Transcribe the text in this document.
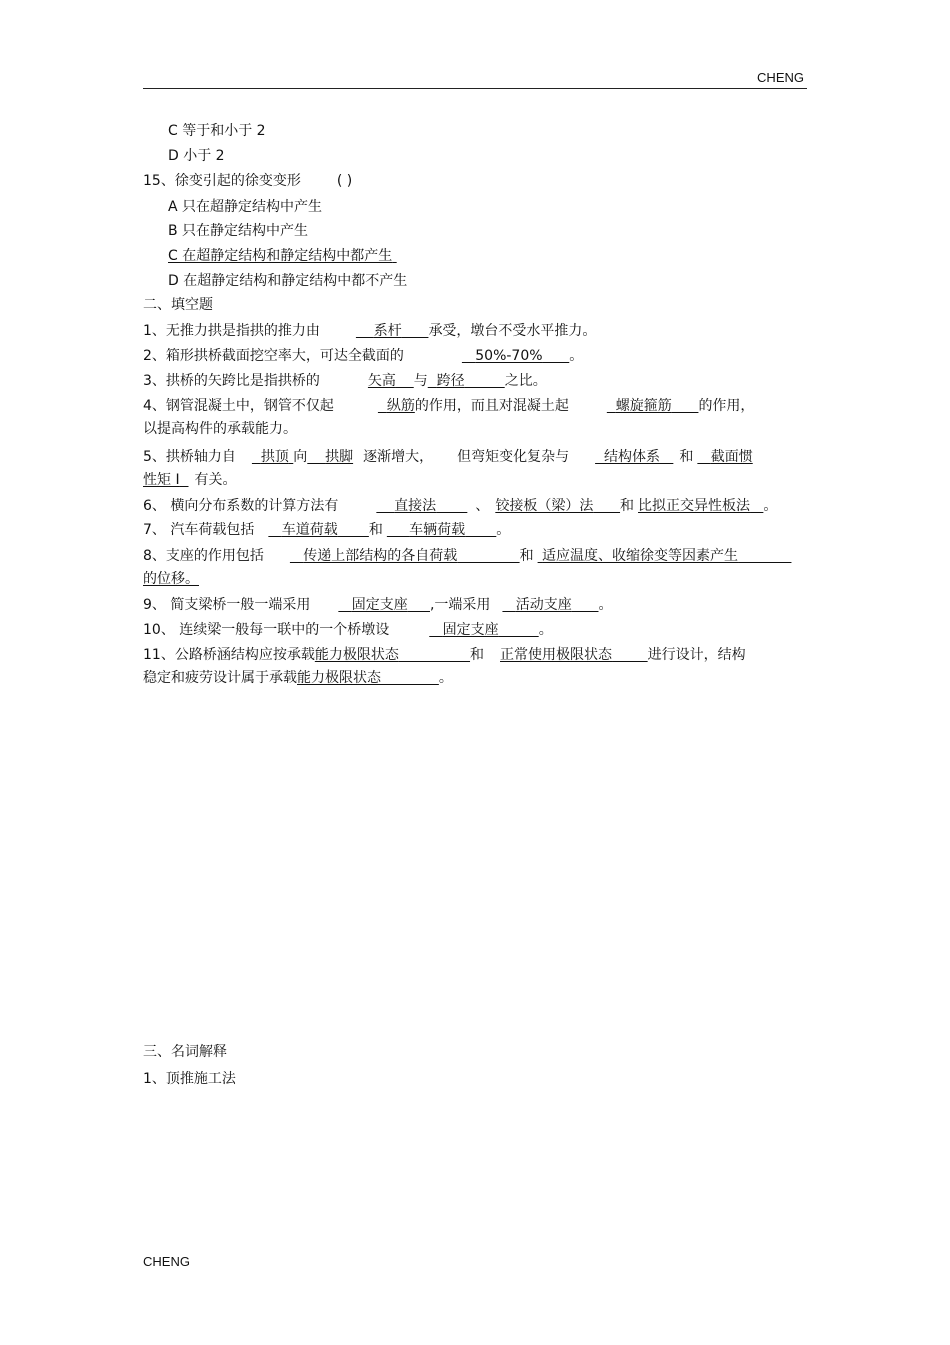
CHENG
C 等于和小于 2
D 小于 2
15、徐变引起的徐变变形	( )
A 只在超静定结构中产生
B 只在静定结构中产生
C 在超静定结构和静定结构中都产生
D 在超静定结构和静定结构中都不产生
二、填空题
1、无推力拱是指拱的推力由	系杆 承受，墩台不受水平推力。
2、箱形拱桥截面挖空率大，可达全截面的	50%-70% 。
3、拱桥的矢跨比是指拱桥的	矢高 与 跨径	之比。
4、钢管混凝土中，钢管不仅起	纵筋的作用，而且对混凝土起	螺旋箍筋 的作用，
以提高构件的承载能力。
5、拱桥轴力自 拱顶 向 拱脚 逐渐增大， 但弯矩变化复杂与 结构体系 和 截面惯
性矩 I 有关。
6、 横向分布系数的计算方法有	直接法	、 铰接板（梁）法 和 比拟正交异性板法 。
7、 汽车荷载包括 车道荷载 和 车辆荷载 。
8、支座的作用包括	传递上部结构的各自荷载	和 适应温度、收缩徐变等因素产生
的位移。
9、 简支梁桥一般一端采用	固定支座 ,一端采用 活动支座 。
10、 连续梁一般每一联中的一个桥墩设	固定支座	。
11、公路桥涵结构应按承载能力极限状态	和 正常使用极限状态	进行设计，结构
稳定和疲劳设计属于承载能力极限状态	。
三、名词解释
1、顶推施工法
CHENG
